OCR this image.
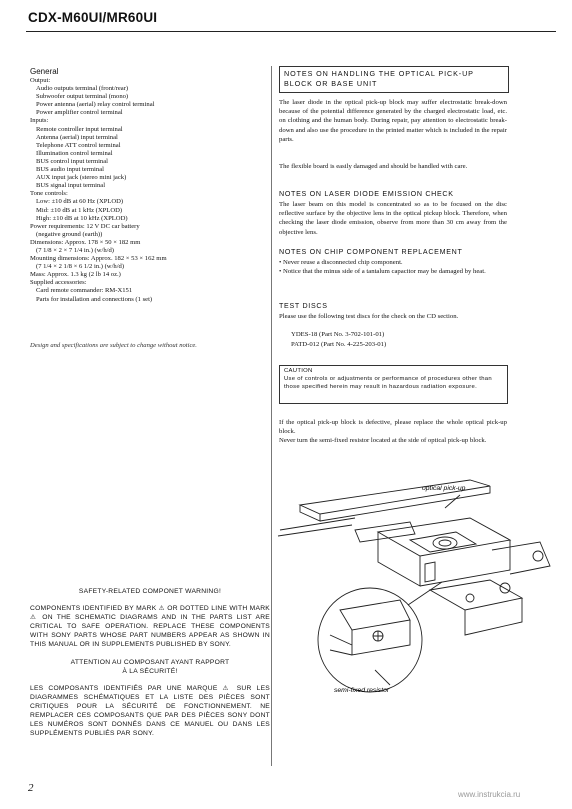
CDX-M60UI/MR60UI
General
Output:
Audio outputs terminal (front/rear)
Subwoofer output terminal (mono)
Power antenna (aerial) relay control terminal
Power amplifier control terminal
Inputs:
Remote controller input terminal
Antenna (aerial) input terminal
Telephone ATT control terminal
Illumination control terminal
BUS control input terminal
BUS audio input terminal
AUX input jack (stereo mini jack)
BUS signal input terminal
Tone controls:
Low: ±10 dB at 60 Hz (XPLOD)
Mid: ±10 dB at 1 kHz (XPLOD)
High: ±10 dB at 10 kHz (XPLOD)
Power requirements: 12 V DC car battery
(negative ground (earth))
Dimensions: Approx. 178 × 50 × 182 mm
(7 1/8 × 2 × 7 1/4 in.) (w/h/d)
Mounting dimensions: Approx. 182 × 53 × 162 mm
(7 1/4 × 2 1/8 × 6 1/2 in.) (w/h/d)
Mass: Approx. 1.3 kg (2 lb 14 oz.)
Supplied accessories:
Card remote commander: RM-X151
Parts for installation and connections (1 set)
Design and specifications are subject to change without notice.
SAFETY-RELATED COMPONET WARNING!

COMPONENTS IDENTIFIED BY MARK ⚠ OR DOTTED LINE WITH MARK ⚠ ON THE SCHEMATIC DIAGRAMS AND IN THE PARTS LIST ARE CRITICAL TO SAFE OPERATION. REPLACE THESE COMPONENTS WITH SONY PARTS WHOSE PART NUMBERS APPEAR AS SHOWN IN THIS MANUAL OR IN SUPPLEMENTS PUBLISHED BY SONY.

ATTENTION AU COMPOSANT AYANT RAPPORT
À LA SÉCURITÉ!

LES COMPOSANTS IDENTIFIÉS PAR UNE MARQUE ⚠ SUR LES DIAGRAMMES SCHÉMATIQUES ET LA LISTE DES PIÈCES SONT CRITIQUES POUR LA SÉCURITÉ DE FONCTIONNEMENT. NE REMPLACER CES COMPOSANTS QUE PAR DES PIÈCES SONY DONT LES NUMÉROS SONT DONNÉS DANS CE MANUEL OU DANS LES SUPPLÉMENTS PUBLIÉS PAR SONY.

NOTES ON HANDLING THE OPTICAL PICK-UP BLOCK OR BASE UNIT
The laser diode in the optical pick-up block may suffer electrostatic break-down because of the potential difference generated by the charged electrostatic load, etc. on clothing and the human body. During repair, pay attention to electrostatic break-down and also use the procedure in the printed matter which is included in the repair parts.
The flexible board is easily damaged and should be handled with care.
NOTES ON LASER DIODE EMISSION CHECK
The laser beam on this model is concentrated so as to be focused on the disc reflective surface by the objective lens in the optical pickup block. Therefore, when checking the laser diode emission, observe from more than 30 cm away from the objective lens.
NOTES ON CHIP COMPONENT REPLACEMENT
• Never reuse a disconnected chip component.
• Notice that the minus side of a tantalum capacitor may be damaged by heat.
TEST DISCS
Please use the following test discs for the check on the CD section.
YDES-18 (Part No. 3-702-101-01)
PATD-012 (Part No. 4-225-203-01)
CAUTION
Use of controls or adjustments or performance of procedures other than those specified herein may result in hazardous radiation exposure.
If the optical pick-up block is defective, please replace the whole optical pick-up block.
Never turn the semi-fixed resistor located at the side of optical pick-up block.
optical pick-up
semi-fixed resistor
2
www.instrukcia.ru
